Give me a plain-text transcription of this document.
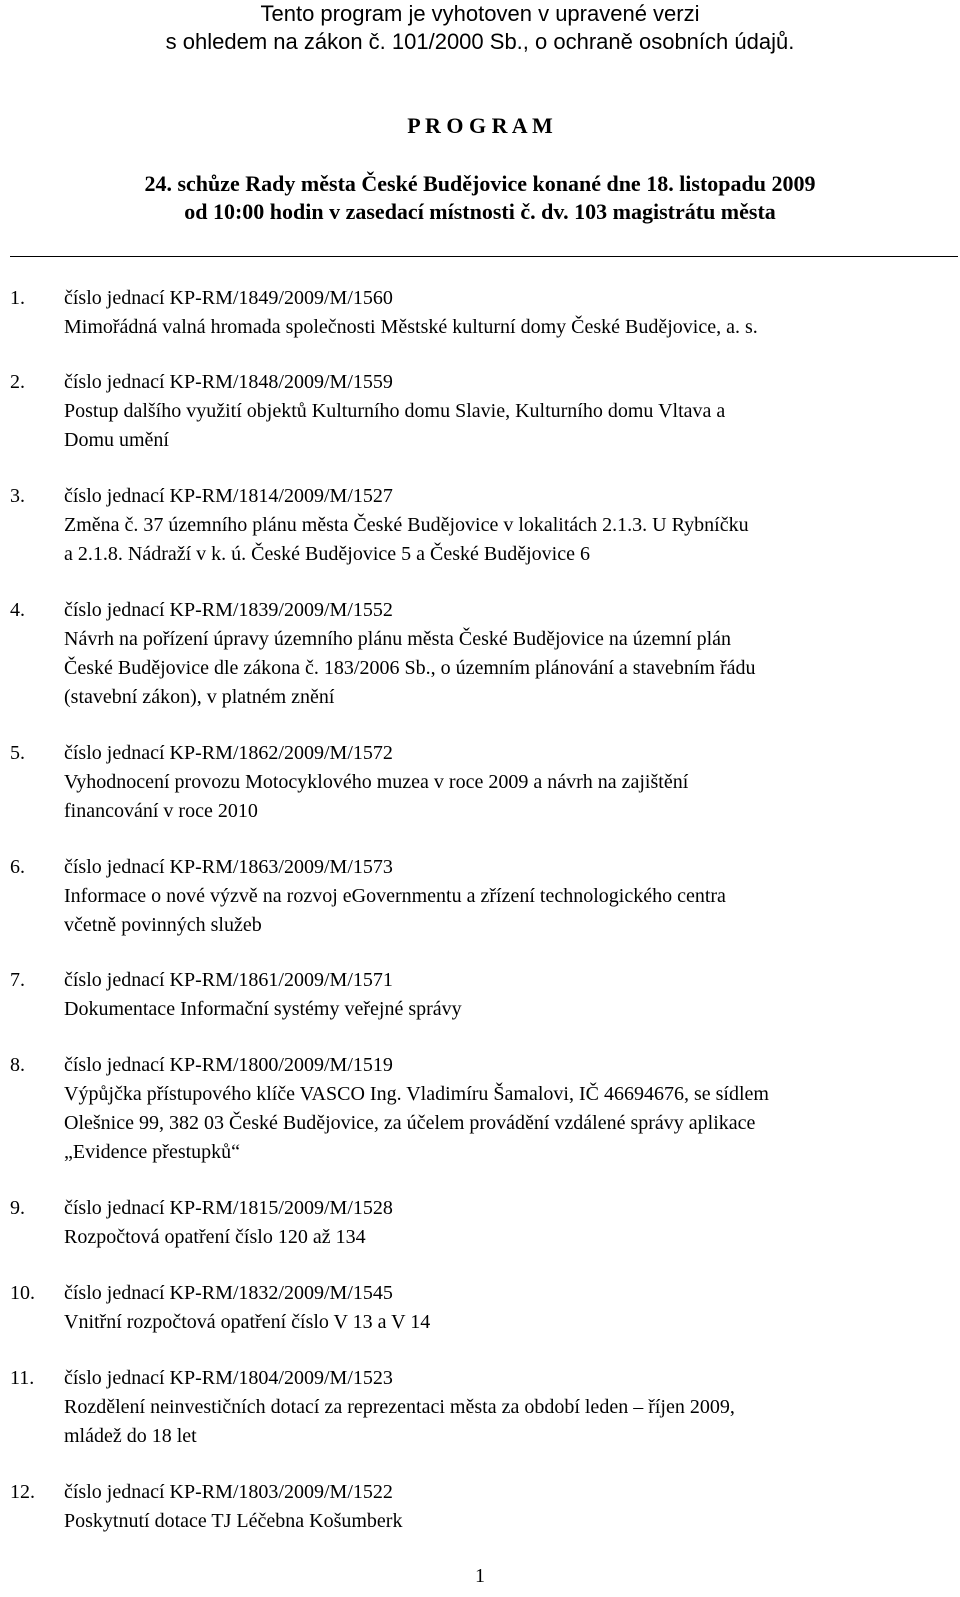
Tento program je vyhotoven v upravené verzi
s ohledem na zákon č. 101/2000 Sb., o ochraně osobních údajů.
P R O G R A M
24. schůze Rady města České Budějovice konané dne 18. listopadu 2009
od 10:00 hodin v zasedací místnosti č. dv. 103 magistrátu města
1. číslo jednací KP-RM/1849/2009/M/1560
Mimořádná valná hromada společnosti Městské kulturní domy České Budějovice, a. s.
2. číslo jednací KP-RM/1848/2009/M/1559
Postup dalšího využití objektů Kulturního domu Slavie, Kulturního domu Vltava a
Domu umění
3. číslo jednací KP-RM/1814/2009/M/1527
Změna č. 37 územního plánu města České Budějovice v lokalitách 2.1.3. U Rybníčku
a 2.1.8. Nádraží v k. ú. České Budějovice 5 a České Budějovice 6
4. číslo jednací KP-RM/1839/2009/M/1552
Návrh na pořízení úpravy územního plánu města České Budějovice na územní plán
České Budějovice dle zákona č. 183/2006 Sb., o územním plánování a stavebním řádu
(stavební zákon), v platném znění
5. číslo jednací KP-RM/1862/2009/M/1572
Vyhodnocení provozu Motocyklového muzea v roce 2009 a návrh na zajištění
financování v roce 2010
6. číslo jednací KP-RM/1863/2009/M/1573
Informace o nové výzvě na rozvoj eGovernmentu a zřízení technologického centra
včetně povinných služeb
7. číslo jednací KP-RM/1861/2009/M/1571
Dokumentace Informační systémy veřejné správy
8. číslo jednací KP-RM/1800/2009/M/1519
Výpůjčka přístupového klíče VASCO Ing. Vladimíru Šamalovi, IČ 46694676, se sídlem
Olešnice 99, 382 03 České Budějovice, za účelem provádění vzdálené správy aplikace
„Evidence přestupků“
9. číslo jednací KP-RM/1815/2009/M/1528
Rozpočtová opatření číslo 120 až 134
10. číslo jednací KP-RM/1832/2009/M/1545
Vnitřní rozpočtová opatření číslo V 13 a V 14
11. číslo jednací KP-RM/1804/2009/M/1523
Rozdělení neinvestičních dotací za reprezentaci města za období leden – říjen 2009,
mládež do 18 let
12. číslo jednací KP-RM/1803/2009/M/1522
Poskytnutí dotace TJ Léčebna Košumberk
1
